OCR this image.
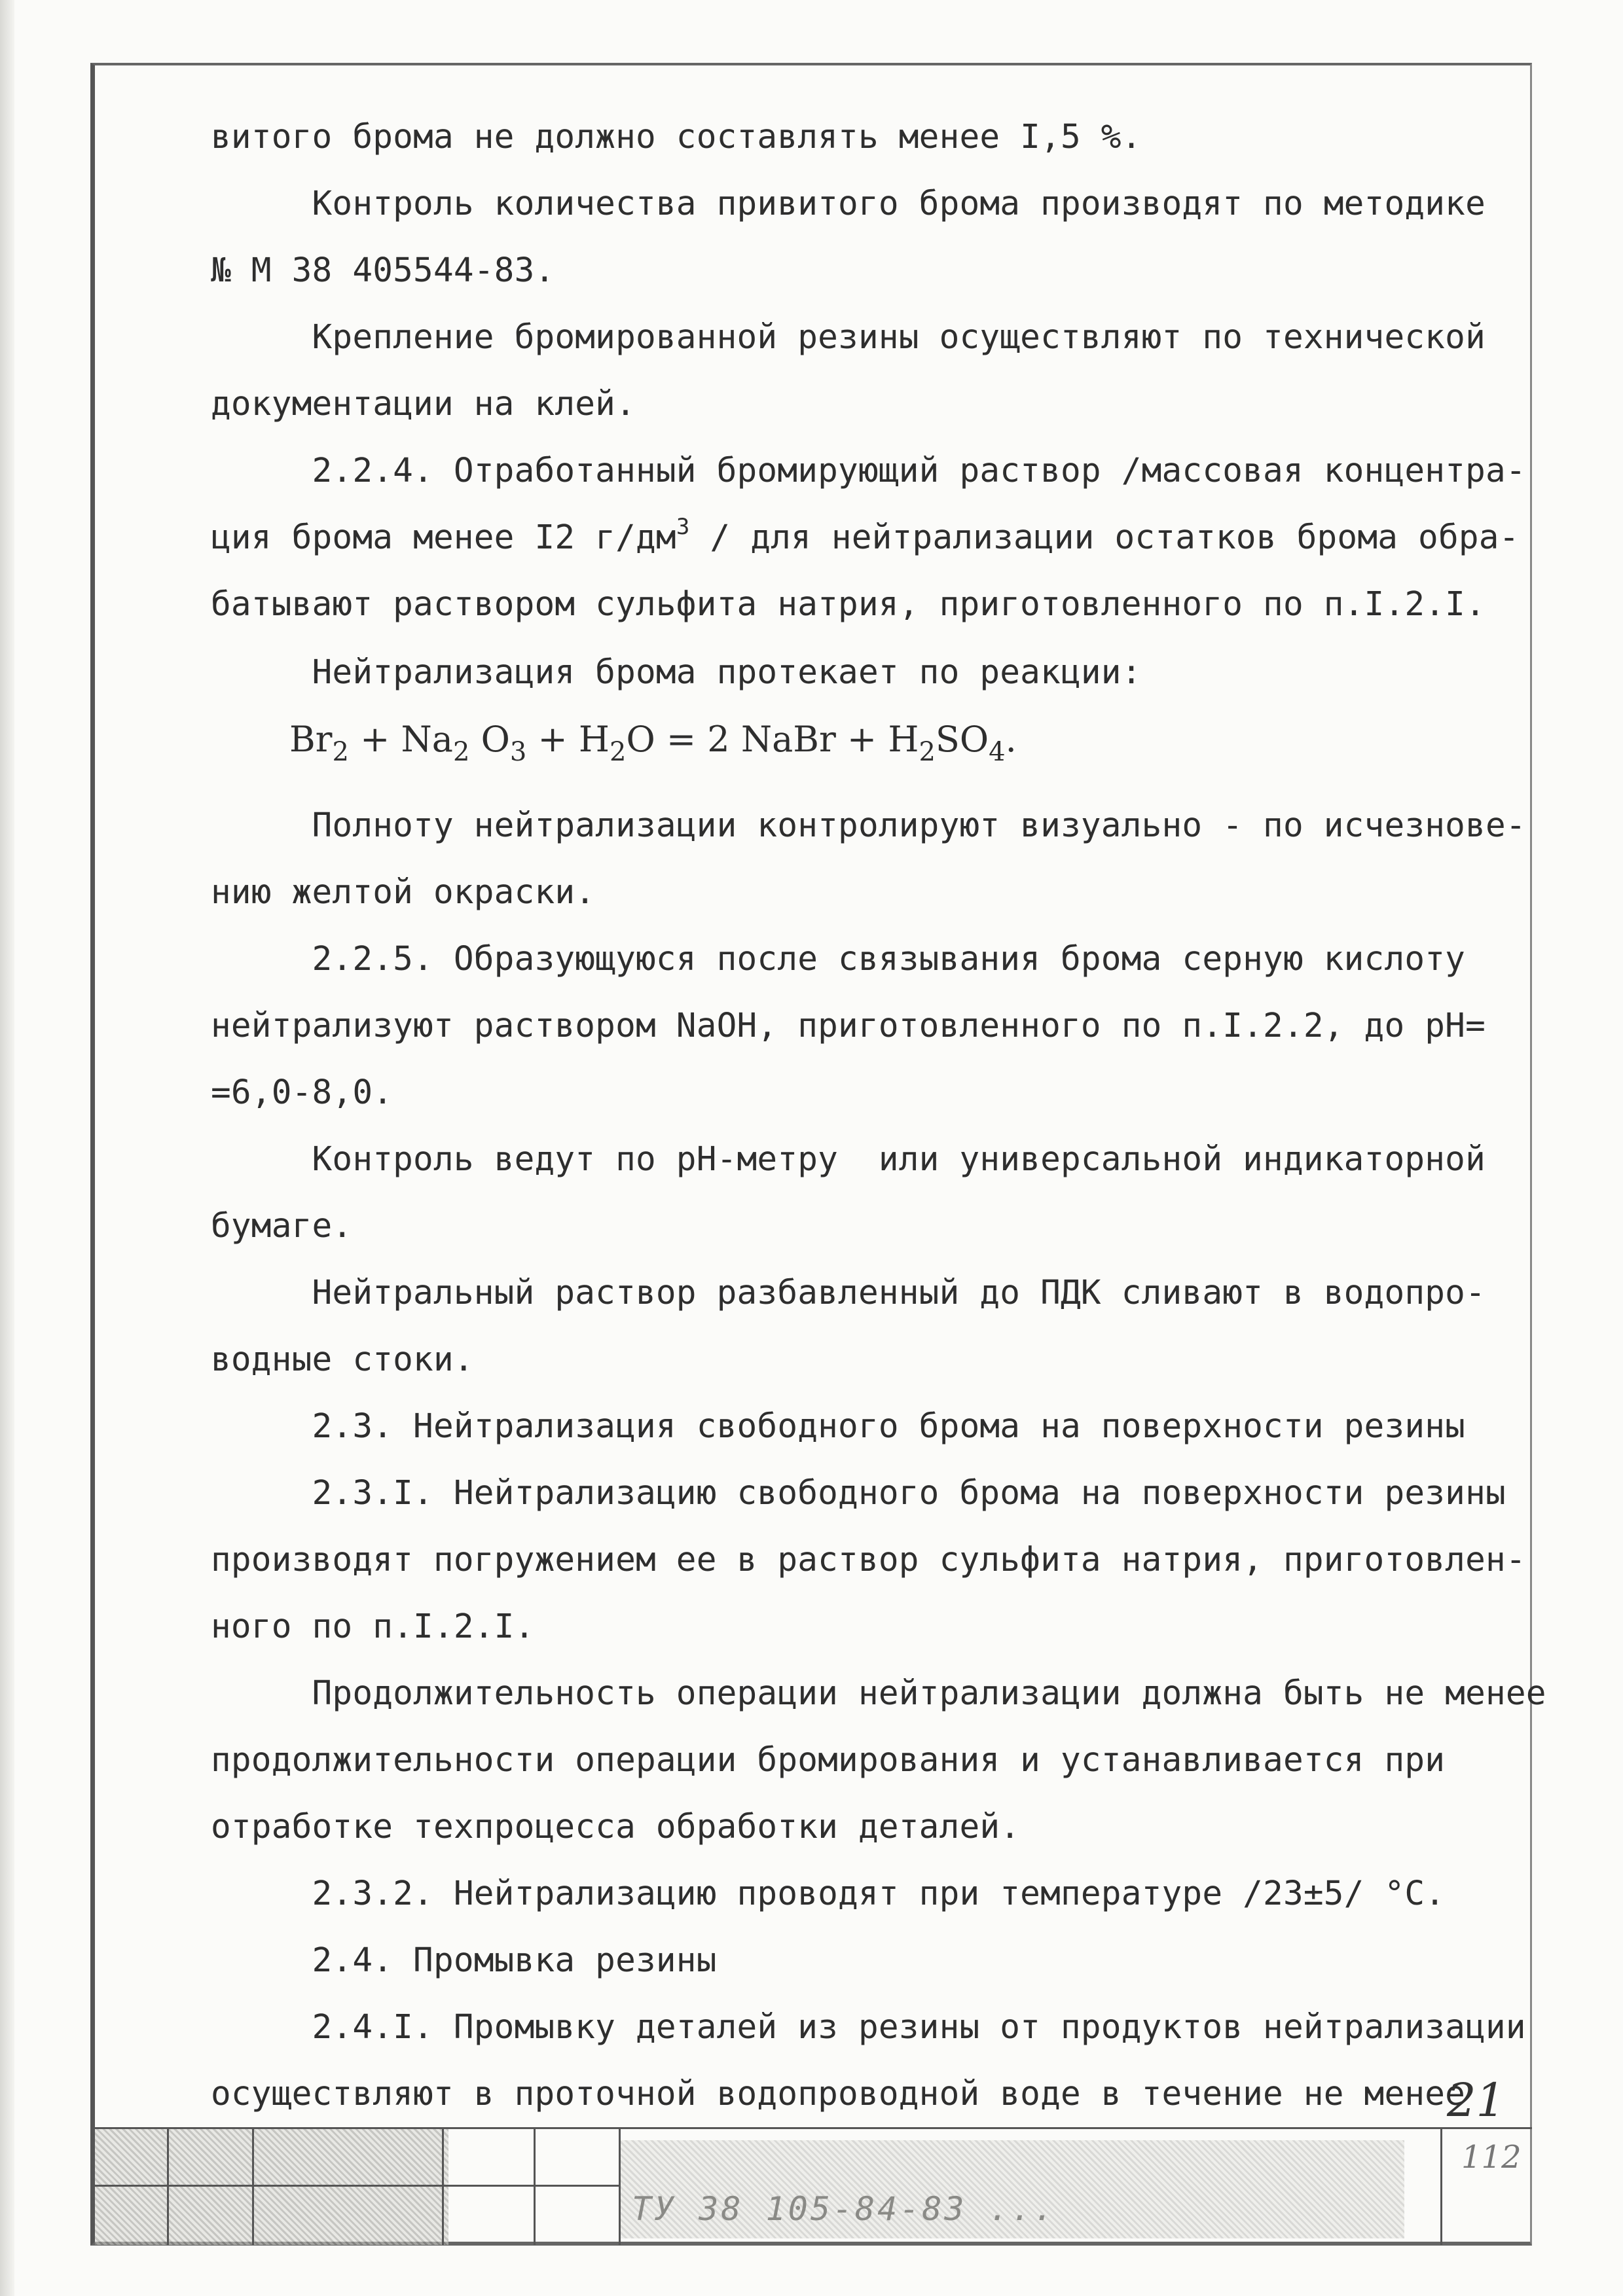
витого брома не должно составлять менее I,5 %.
Контроль количества привитого брома производят по методике
№ М 38 405544-83.
Крепление бромированной резины осуществляют по технической
документации на клей.
2.2.4. Отработанный бромирующий раствор /массовая концентра-
ция брома менее I2 $г/дм^3$ / для нейтрализации остатков брома обра-
батывают раствором сульфита натрия, приготовленного по п.I.2.I.
Нейтрализация брома протекает по реакции:
$Br_2 + Na_2$ $O_3 + H_2O = 2$ NaBr + $H_2SO_4$.
Полноту нейтрализации контролируют визуально - по исчезнове-
нию желтой окраски.
2.2.5. Образующуюся после связывания брома серную кислоту
нейтрализуют раствором NaOH, приготовленного по п.I.2.2, до pH=
=6,0-8,0.
Контроль ведут по pH-метру  или универсальной индикаторной
бумаге.
Нейтральный раствор разбавленный до ПДК сливают в водопро-
водные стоки.
2.3. Нейтрализация свободного брома на поверхности резины
2.3.I. Нейтрализацию свободного брома на поверхности резины
производят погружением ее в раствор сульфита натрия, приготовлен-
ного по п.I.2.I.
Продолжительность операции нейтрализации должна быть не менее
продолжительности операции бромирования и устанавливается при
отработке техпроцесса обработки деталей.
2.3.2. Нейтрализацию проводят при температуре /23±5/ °С.
2.4. Промывка резины
2.4.I. Промывку деталей из резины от продуктов нейтрализации
осуществляют в проточной водопроводной воде в течение не менее
21
ТУ 38 105-84-83 ...
112
